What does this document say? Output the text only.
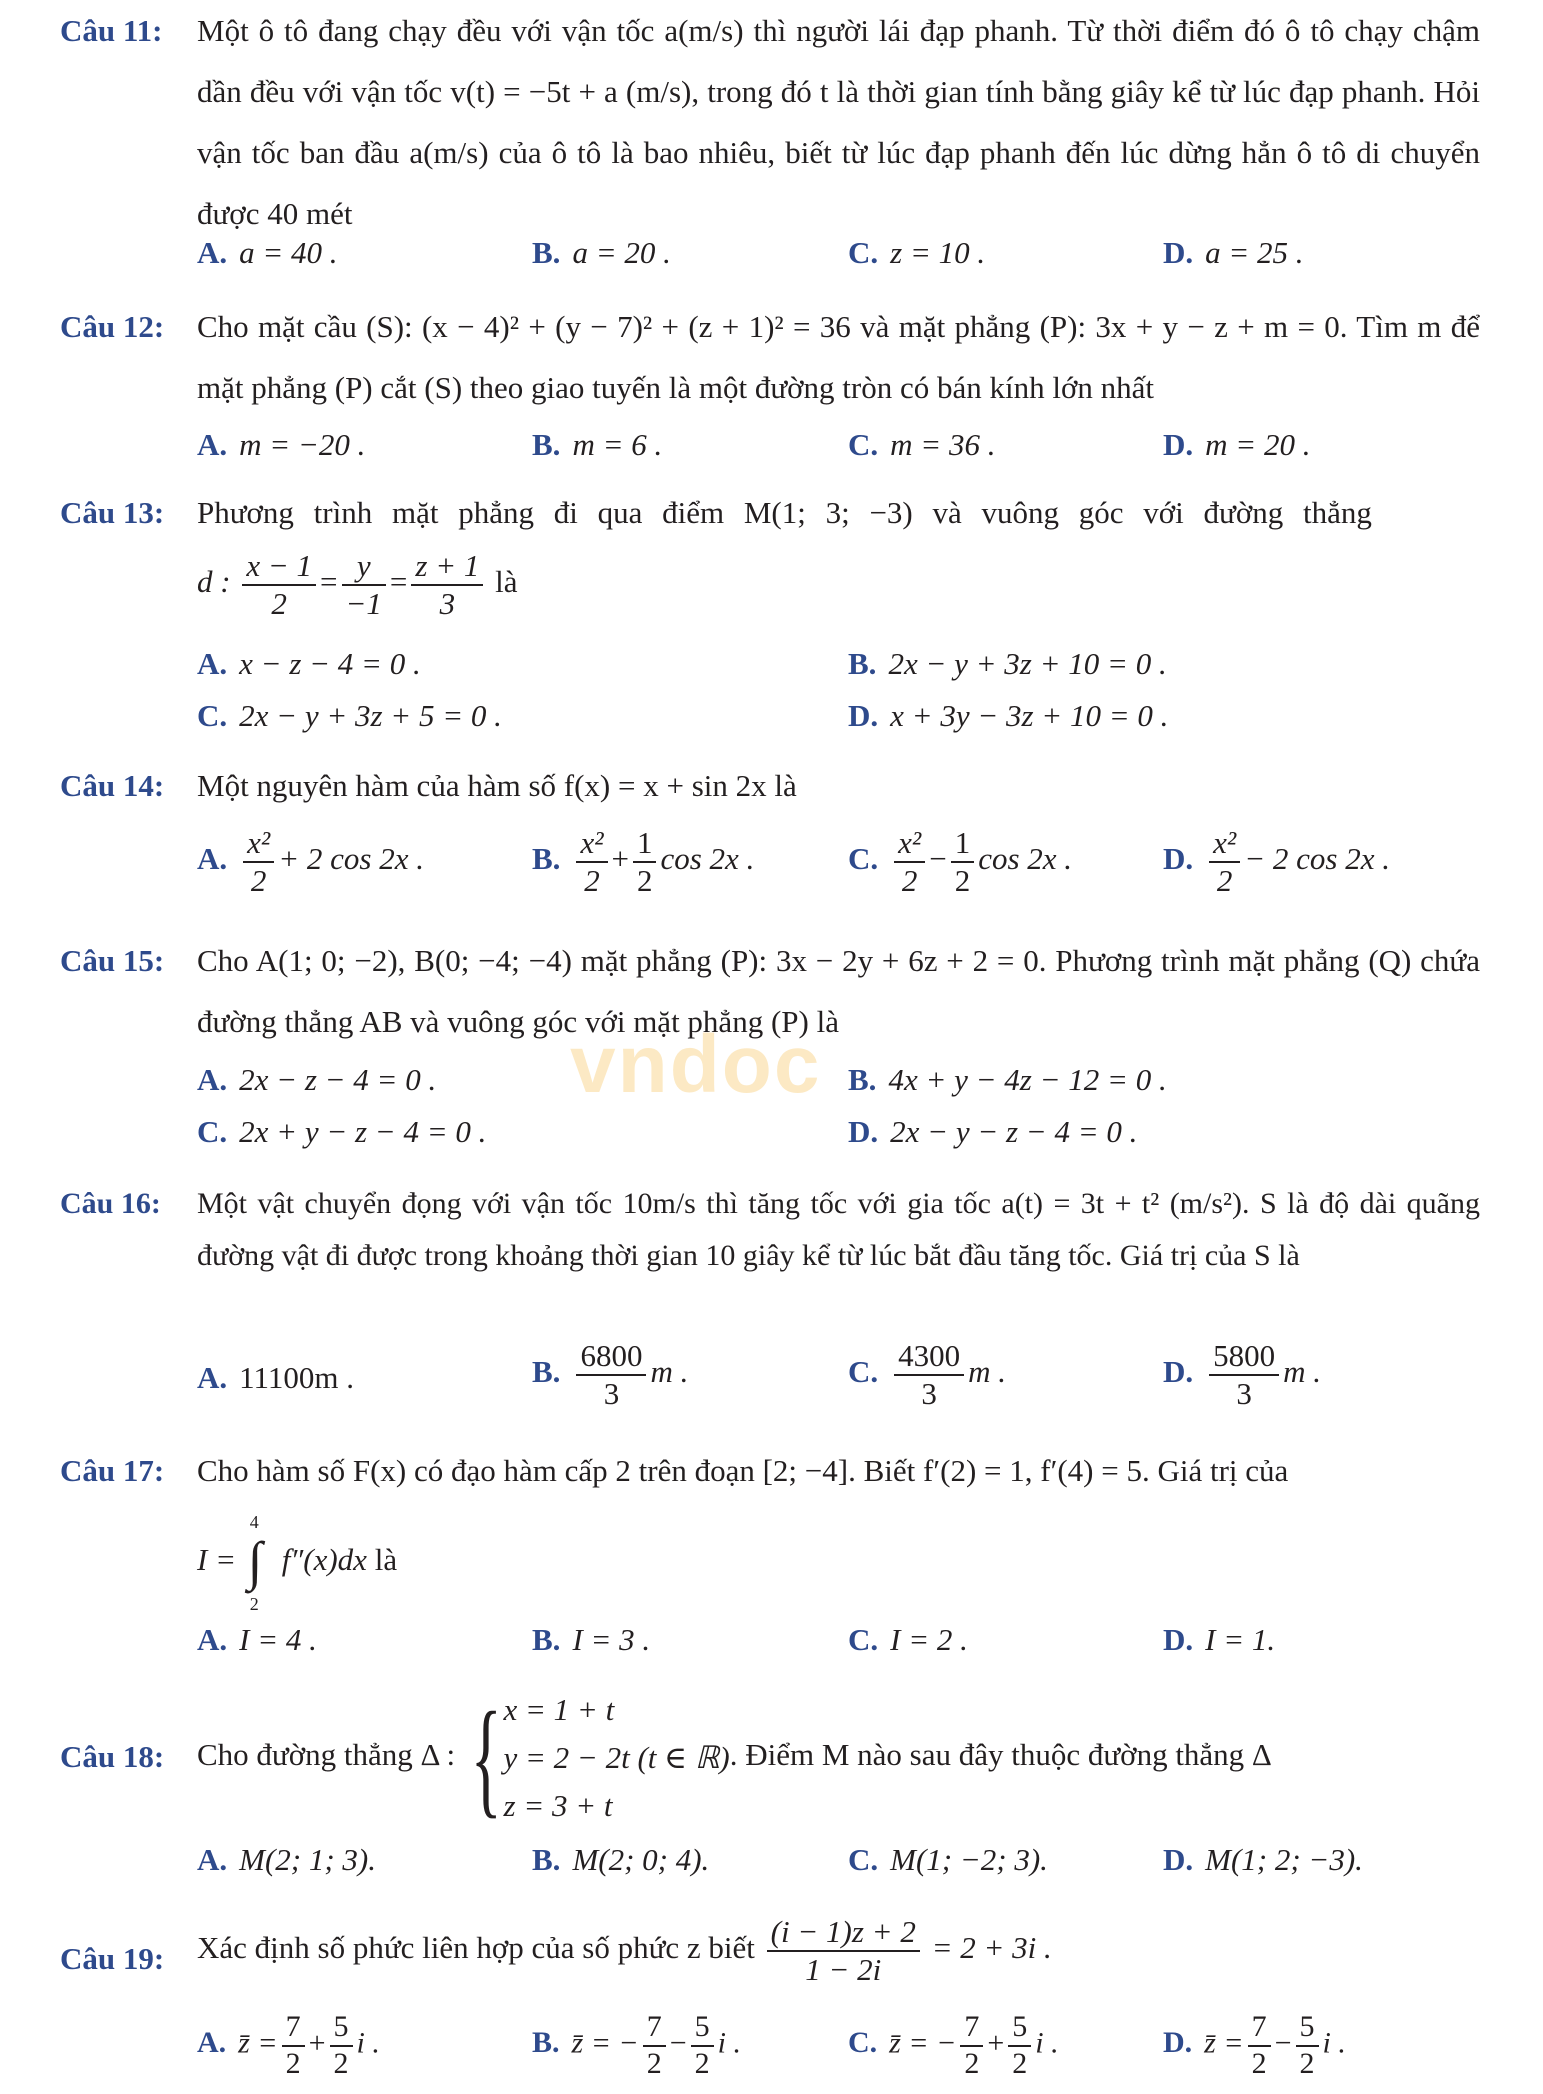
vndoc
Câu 11: Một ô tô đang chạy đều với vận tốc a(m/s) thì người lái đạp phanh. Từ thời điểm đó ô tô chạy chậm dần đều với vận tốc v(t) = −5t + a (m/s), trong đó t là thời gian tính bằng giây kể từ lúc đạp phanh. Hỏi vận tốc ban đầu a(m/s) của ô tô là bao nhiêu, biết từ lúc đạp phanh đến lúc dừng hẳn ô tô di chuyển được 40 mét
A. a = 40 .	B. a = 20 .	C. z = 10 .	D. a = 25 .
Câu 12: Cho mặt cầu (S): (x − 4)² + (y − 7)² + (z + 1)² = 36 và mặt phẳng (P): 3x + y − z + m = 0. Tìm m để mặt phẳng (P) cắt (S) theo giao tuyến là một đường tròn có bán kính lớn nhất
A. m = −20 .	B. m = 6 .	C. m = 36 .	D. m = 20 .
Câu 13: Phương trình mặt phẳng đi qua điểm M(1; 3; −3) và vuông góc với đường thẳng
d : $\frac{x - 1}{2} = \frac{y}{-1} = \frac{z + 1}{3}$ là
A. x − z − 4 = 0 .	B. 2x − y + 3z + 10 = 0 .
C. 2x − y + 3z + 5 = 0 .	D. x + 3y − 3z + 10 = 0 .
Câu 14: Một nguyên hàm của hàm số f(x) = x + sin 2x là
A. $\frac{\text{x²}}{2} + 2$ cos 2x .	B. $\frac{\text{x²}}{2} + \frac{1}{2}$ cos 2x .	C. $\frac{\text{x²}}{2} - \frac{1}{2}$ cos 2x .	D. $\frac{\text{x²}}{2} - 2$ cos 2x .
Câu 15: Cho A(1; 0; −2), B(0; −4; −4) mặt phẳng (P): 3x − 2y + 6z + 2 = 0. Phương trình mặt phẳng (Q) chứa đường thẳng AB và vuông góc với mặt phẳng (P) là
A. 2x − z − 4 = 0 .	B. 4x + y − 4z − 12 = 0 .
C. 2x + y − z − 4 = 0 .	D. 2x − y − z − 4 = 0 .
Câu 16: Một vật chuyển đọng với vận tốc 10m/s thì tăng tốc với gia tốc a(t) = 3t + t² (m/s²). S là độ dài quãng đường vật đi được trong khoảng thời gian 10 giây kể từ lúc bắt đầu tăng tốc. Giá trị của S là
A. 11100m .	B. $\frac{6800}{3}$ m .	C. $\frac{4300}{3}$ m .	D. $\frac{5800}{3}$ m .
Câu 17: Cho hàm số F(x) có đạo hàm cấp 2 trên đoạn [2; −4]. Biết f′(2) = 1, f′(4) = 5. Giá trị của
I =
4
∫
2
f″(x)dx là
A. I = 4 .	B. I = 3 .	C. I = 2 .	D. I = 1.
Câu 18: Cho đường thẳng Δ : { x = 1 + t
y = 2 − 2t (t ∈ ℝ)
z = 3 + t
. Điểm M nào sau đây thuộc đường thẳng Δ
A. M(2; 1; 3).	B. M(2; 0; 4).	C. M(1; −2; 3).	D. M(1; 2; −3).
Câu 19: Xác định số phức liên hợp của số phức z biết $\frac{(i - 1)z + 2}{1 - 2i} = 2 + 3i$ .
A. z̄ = $\frac{7}{2} + \frac{5}{2}$ i .	B. z̄ = − $\frac{7}{2} - \frac{5}{2}$ i .	C. z̄ = − $\frac{7}{2} + \frac{5}{2}$ i .	D. z̄ = $\frac{7}{2} - \frac{5}{2}$ i .
